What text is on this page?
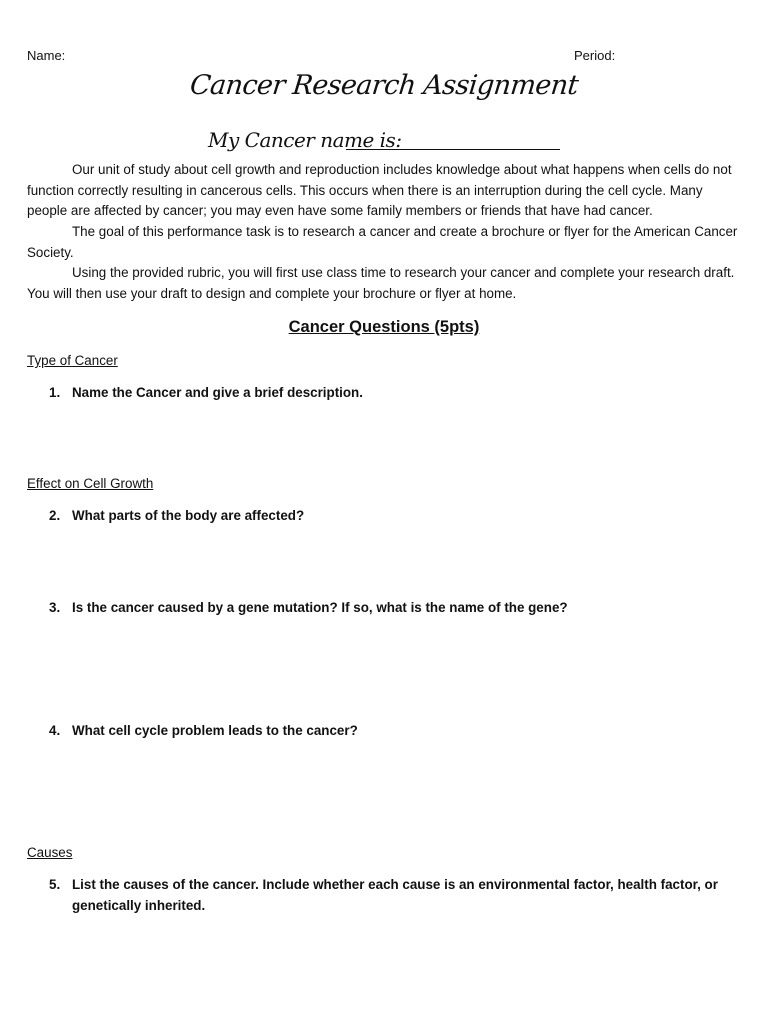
Name:	Period:
Cancer Research Assignment
My Cancer name is:
Our unit of study about cell growth and reproduction includes knowledge about what happens when cells do not function correctly resulting in cancerous cells. This occurs when there is an interruption during the cell cycle. Many people are affected by cancer; you may even have some family members or friends that have had cancer.
The goal of this performance task is to research a cancer and create a brochure or flyer for the American Cancer Society.
Using the provided rubric, you will first use class time to research your cancer and complete your research draft. You will then use your draft to design and complete your brochure or flyer at home.
Cancer Questions (5pts)
Type of Cancer
1. Name the Cancer and give a brief description.
Effect on Cell Growth
2. What parts of the body are affected?
3. Is the cancer caused by a gene mutation? If so, what is the name of the gene?
4. What cell cycle problem leads to the cancer?
Causes
5. List the causes of the cancer. Include whether each cause is an environmental factor, health factor, or genetically inherited.
